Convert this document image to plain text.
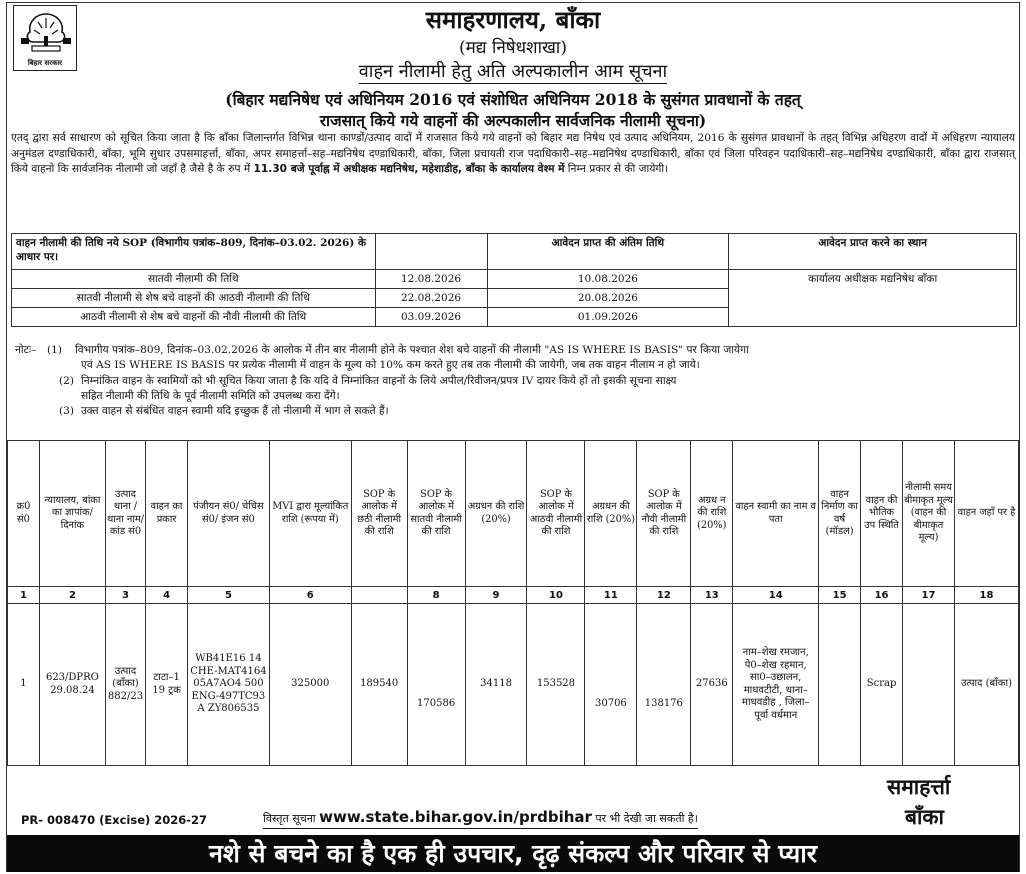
बिहार सरकार
समाहरणालय, बाँका
(मद्य निषेधशाखा)
वाहन नीलामी हेतु अति अल्पकालीन आम सूचना
(बिहार मद्यनिषेध एवं अधिनियम 2016 एवं संशोधित अधिनियम 2018 के सुसंगत प्रावधानों के तहत्
राजसात् किये गये वाहनों की अल्पकालीन सार्वजनिक नीलामी सूचना)
एतद् द्वारा सर्व साधारण को सूचित किया जाता है कि बाँका जिलान्तर्गत विभिन्न थाना काण्डों/उत्पाद वादों में राजसात किये गये वाहनों को बिहार मद्य निषेध एवं उत्पाद अधिनियम, 2016 के सुसंगत प्रावधानों के तहत् विभिन्न अधिहरण वादों में अधिहरण न्यायालय अनुमंडल दण्डाधिकारी, बाँका, भूमि सुधार उपसमाहर्त्ता, बाँका, अपर समाहर्त्ता–सह–मद्यनिषेध दण्डाधिकारी, बाँका, जिला प्रचायती राज पदाधिकारी–सह–मद्यनिषेध दण्डाधिकारी, बाँका एवं जिला परिवहन पदाधिकारी–सह–मद्यनिषेध दण्डाधिकारी, बाँका द्वारा राजसात् किये वाहनो कि सार्वजनिक नीलामी जो जहाँ है जैसे है के रुप में 11.30 बजे पूर्वाह्न में अधीक्षक मद्यनिषेध, महेशाडीह, बाँका के कार्यालय वेश्म में निम्न प्रकार से की जायेगी।
वाहन नीलामी की तिथि नये SOP (विभागीय पत्रांक–809, दिनांक–03.02. 2026) के आधार पर।		आवेदन प्राप्त की अंतिम तिथि	आवेदन प्राप्त करने का स्थान
सातवी नीलामी की तिथि	12.08.2026	10.08.2026	कार्यालय अधीक्षक मद्यनिषेध बाँका
सातवी नीलामी से शेष बचे वाहनों की आठवी नीलामी की तिथि	22.08.2026	20.08.2026	
आठवी नीलामी से शेष बचे वाहनों की नौवी नीलामी की तिथि	03.09.2026	01.09.2026	
नोटः– (1) विभागीय पत्रांक–809, दिनांक–03.02.2026 के आलोक में तीन बार नीलामी होने के पश्चात शेश बचे वाहनों की नीलामी "AS IS WHERE IS BASIS" पर किया जायेगा
एवं AS IS WHERE IS BASIS पर प्रत्येक नीलामी में वाहन के मूल्य को 10% कम करते हुए तब तक नीलामी की जायेगी, जब तक वाहन नीलाम न हो जाये।
(2) निम्नांकित वाहन के स्वामियों को भी सूचित किया जाता है कि यदि वे निम्नांकित वाहनों के लिये अपील/रिवीजन/प्रपत्र IV दायर किये हों तो इसकी सूचना साक्ष्य
सहित नीलामी की तिथि के पूर्व नीलामी समिति को उपलब्ध करा देंगे।
(3) उक्त वाहन से संबंधित वाहन स्वामी यदि इच्छुक हैं तो नीलामी में भाग ले सकते हैं।
क्र0 सं0	न्यायालय, बांका का ज्ञापांक/ दिनांक	उत्पाद थाना / थाना नाम/ कांड सं0	वाहन का प्रकार	पंजीयन सं0/ चेचिस सं0/ इंजन सं0	MVI द्वारा मूल्यांकित राशि (रूपया में)	SOP के आलोक में छठी नीलामी की राशि	SOP के आलोक में सातवी नीलामी की राशि	अग्रधन की राशि (20%)	SOP के आलोक में आठवी नीलामी की राशि	अग्रधन की राशि (20%)	SOP के आलोक में नौवी नीलामी की राशि	अग्रध न की राशि (20%)	वाहन स्वामी का नाम व पता	वाहन निर्माण का वर्ष (मॉडल)	वाहन की भौतिक उप स्थिति	नीलामी समय बीमाकृत मूल्य (वाहन की बीमाकृत मूल्य)	वाहन जहाँ पर है
1	2	3	4	5	6		8	9	10	11	12	13	14	15	16	17	18
1	623/DPRO 29.08.24	उत्पाद (बाँका) 882/23	टाटा–1 19 ट्रक	WB41E16 14 CHE-MAT4164 05A7AO4 500 ENG-497TC93A ZY806535	325000	189540	170586	34118	153528	30706	138176	27636	नाम–शेख रमजान, पे0–शेख रहमान, सा0–उछालन, माधवटीटी, थाना–माधवडीह , जिला–पूर्वा वर्धमान		Scrap		उत्पाद (बाँका)
समाहर्त्ता
बाँका
PR- 008470 (Excise) 2026-27	विस्तृत सूचना www.state.bihar.gov.in/prdbihar पर भी देखी जा सकती है।
नशे से बचने का है एक ही उपचार, दृढ़ संकल्प और परिवार से प्यार
